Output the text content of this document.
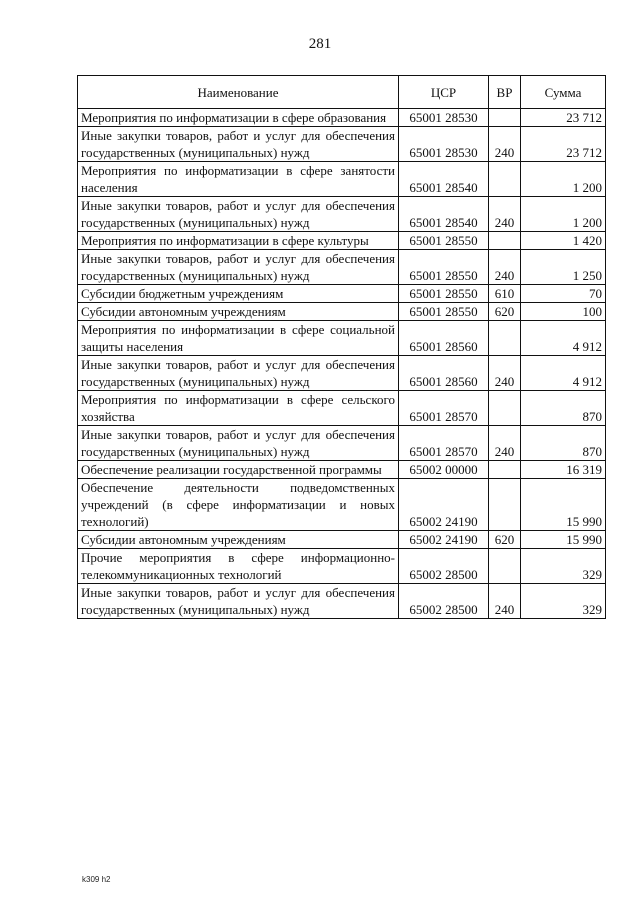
281
Наименование	ЦСР	ВР	Сумма
Мероприятия по информатизации в сфере образования	65001 28530		23 712
Иные закупки товаров, работ и услуг для обеспечения государственных (муниципальных) нужд	65001 28530	240	23 712
Мероприятия по информатизации в сфере занятости населения	65001 28540		1 200
Иные закупки товаров, работ и услуг для обеспечения государственных (муниципальных) нужд	65001 28540	240	1 200
Мероприятия по информатизации в сфере культуры	65001 28550		1 420
Иные закупки товаров, работ и услуг для обеспечения государственных (муниципальных) нужд	65001 28550	240	1 250
Субсидии бюджетным учреждениям	65001 28550	610	70
Субсидии автономным учреждениям	65001 28550	620	100
Мероприятия по информатизации в сфере социальной защиты населения	65001 28560		4 912
Иные закупки товаров, работ и услуг для обеспечения государственных (муниципальных) нужд	65001 28560	240	4 912
Мероприятия по информатизации в сфере сельского хозяйства	65001 28570		870
Иные закупки товаров, работ и услуг для обеспечения государственных (муниципальных) нужд	65001 28570	240	870
Обеспечение реализации государственной программы	65002 00000		16 319
Обеспечение деятельности подведомственных учреждений (в сфере информатизации и новых технологий)	65002 24190		15 990
Субсидии автономным учреждениям	65002 24190	620	15 990
Прочие мероприятия в сфере информационно-телекоммуникационных технологий	65002 28500		329
Иные закупки товаров, работ и услуг для обеспечения государственных (муниципальных) нужд	65002 28500	240	329
k309 h2
